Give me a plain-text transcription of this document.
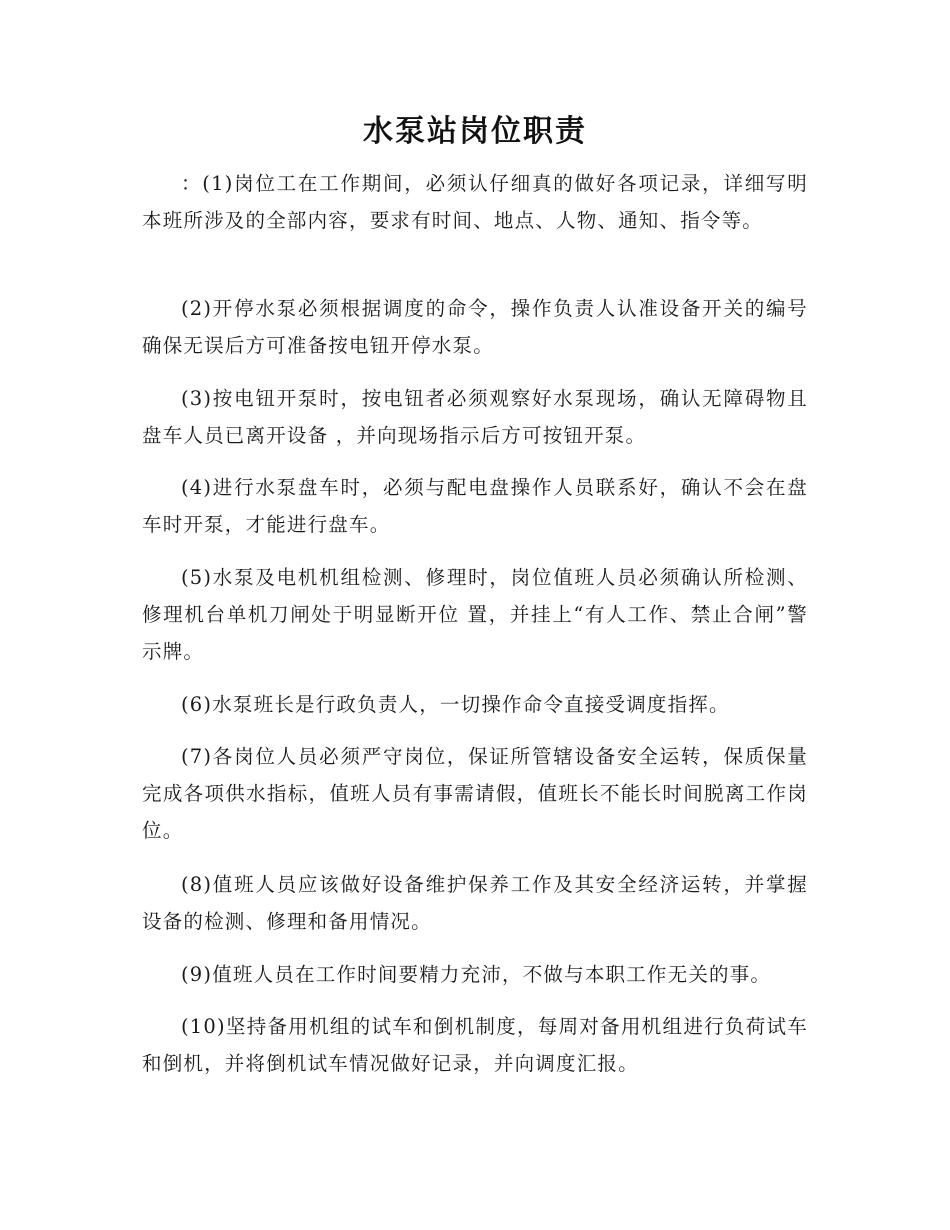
水泵站岗位职责

：(1)岗位工在工作期间，必须认仔细真的做好各项记录，详细写明本班所涉及的全部内容，要求有时间、地点、人物、通知、指令等。

(2)开停水泵必须根据调度的命令，操作负责人认准设备开关的编号确保无误后方可准备按电钮开停水泵。

(3)按电钮开泵时，按电钮者必须观察好水泵现场，确认无障碍物且盘车人员已离开设备 ，并向现场指示后方可按钮开泵。

(4)进行水泵盘车时，必须与配电盘操作人员联系好，确认不会在盘车时开泵，才能进行盘车。

(5)水泵及电机机组检测、修理时，岗位值班人员必须确认所检测、修理机台单机刀闸处于明显断开位 置，并挂上“有人工作、禁止合闸”警示牌。

(6)水泵班长是行政负责人，一切操作命令直接受调度指挥。

(7)各岗位人员必须严守岗位，保证所管辖设备安全运转，保质保量完成各项供水指标，值班人员有事需请假，值班长不能长时间脱离工作岗位。

(8)值班人员应该做好设备维护保养工作及其安全经济运转，并掌握设备的检测、修理和备用情况。

(9)值班人员在工作时间要精力充沛，不做与本职工作无关的事。

(10)坚持备用机组的试车和倒机制度，每周对备用机组进行负荷试车和倒机，并将倒机试车情况做好记录，并向调度汇报。
